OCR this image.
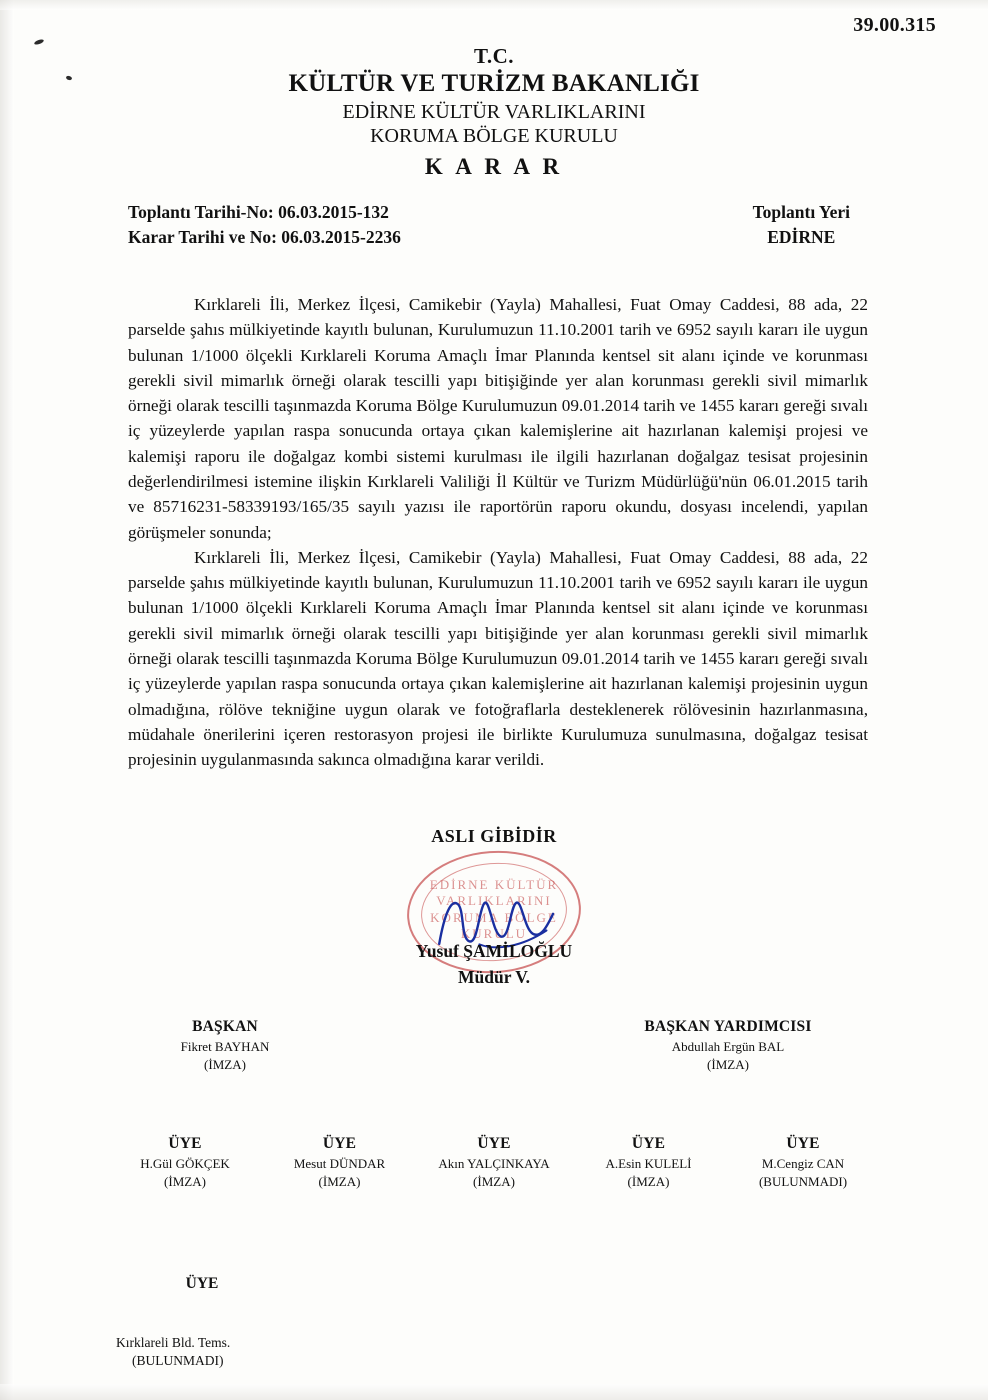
39.00.315
T.C.
KÜLTÜR VE TURİZM BAKANLIĞI
EDİRNE KÜLTÜR VARLIKLARINI
KORUMA BÖLGE KURULU
K A R A R
Toplantı Tarihi-No: 06.03.2015-132
Karar Tarihi ve No: 06.03.2015-2236
Toplantı Yeri
EDİRNE

Kırklareli İli, Merkez İlçesi, Camikebir (Yayla) Mahallesi, Fuat Omay Caddesi, 88 ada, 22 parselde şahıs mülkiyetinde kayıtlı bulunan, Kurulumuzun 11.10.2001 tarih ve 6952 sayılı kararı ile uygun bulunan 1/1000 ölçekli Kırklareli Koruma Amaçlı İmar Planında kentsel sit alanı içinde ve korunması gerekli sivil mimarlık örneği olarak tescilli yapı bitişiğinde yer alan korunması gerekli sivil mimarlık örneği olarak tescilli taşınmazda Koruma Bölge Kurulumuzun 09.01.2014 tarih ve 1455 kararı gereği sıvalı iç yüzeylerde yapılan raspa sonucunda ortaya çıkan kalemişlerine ait hazırlanan kalemişi projesi ve kalemişi raporu ile doğalgaz kombi sistemi kurulması ile ilgili hazırlanan doğalgaz tesisat projesinin değerlendirilmesi istemine ilişkin Kırklareli Valiliği İl Kültür ve Turizm Müdürlüğü'nün 06.01.2015 tarih ve 85716231-58339193/165/35 sayılı yazısı ile raportörün raporu okundu, dosyası incelendi, yapılan görüşmeler sonunda;

Kırklareli İli, Merkez İlçesi, Camikebir (Yayla) Mahallesi, Fuat Omay Caddesi, 88 ada, 22 parselde şahıs mülkiyetinde kayıtlı bulunan, Kurulumuzun 11.10.2001 tarih ve 6952 sayılı kararı ile uygun bulunan 1/1000 ölçekli Kırklareli Koruma Amaçlı İmar Planında kentsel sit alanı içinde ve korunması gerekli sivil mimarlık örneği olarak tescilli yapı bitişiğinde yer alan korunması gerekli sivil mimarlık örneği olarak tescilli taşınmazda Koruma Bölge Kurulumuzun 09.01.2014 tarih ve 1455 kararı gereği sıvalı iç yüzeylerde yapılan raspa sonucunda ortaya çıkan kalemişlerine ait hazırlanan kalemişi projesinin uygun olmadığına, rölöve tekniğine uygun olarak ve fotoğraflarla desteklenerek rölövesinin hazırlanmasına, müdahale önerilerini içeren restorasyon projesi ile birlikte Kurulumuza sunulmasına, doğalgaz tesisat projesinin uygulanmasında sakınca olmadığına karar verildi.

ASLI GİBİDİR
EDİRNE KÜLTÜR VARLIKLARINI KORUMA BÖLGE KURULU
Yusuf ŞAMİLOĞLU
Müdür V.
BAŞKAN
Fikret BAYHAN
(İMZA)
BAŞKAN YARDIMCISI
Abdullah Ergün BAL
(İMZA)
ÜYE
H.Gül GÖKÇEK
(İMZA)
ÜYE
Mesut DÜNDAR
(İMZA)
ÜYE
Akın YALÇINKAYA
(İMZA)
ÜYE
A.Esin KULELİ
(İMZA)
ÜYE
M.Cengiz CAN
(BULUNMADI)
ÜYE
Kırklareli Bld. Tems.
(BULUNMADI)
